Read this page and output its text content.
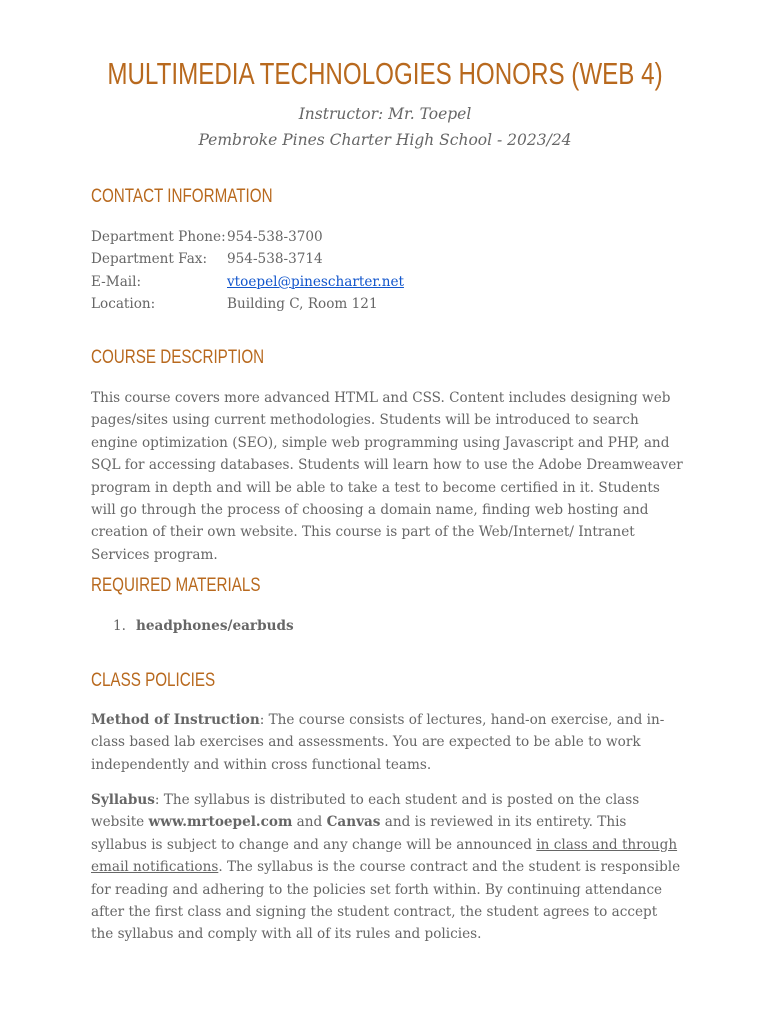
MULTIMEDIA TECHNOLOGIES HONORS (WEB 4)
Instructor: Mr. Toepel
Pembroke Pines Charter High School - 2023/24
CONTACT INFORMATION
Department Phone: 954-538-3700
Department Fax: 954-538-3714
E-Mail:	vtoepel@pinescharter.net
Location:	Building C, Room 121
COURSE DESCRIPTION

This course covers more advanced HTML and CSS. Content includes designing web pages/sites using current methodologies. Students will be introduced to search engine optimization (SEO), simple web programming using Javascript and PHP, and SQL for accessing databases. Students will learn how to use the Adobe Dreamweaver program in depth and will be able to take a test to become certified in it. Students will go through the process of choosing a domain name, finding web hosting and creation of their own website. This course is part of the Web/Internet/ Intranet Services program.

REQUIRED MATERIALS
1. headphones/earbuds
CLASS POLICIES

Method of Instruction: The course consists of lectures, hand-on exercise, and in-class based lab exercises and assessments. You are expected to be able to work independently and within cross functional teams.

Syllabus: The syllabus is distributed to each student and is posted on the class website www.mrtoepel.com and Canvas and is reviewed in its entirety. This syllabus is subject to change and any change will be announced in class and through email notifications. The syllabus is the course contract and the student is responsible for reading and adhering to the policies set forth within. By continuing attendance after the first class and signing the student contract, the student agrees to accept the syllabus and comply with all of its rules and policies.
